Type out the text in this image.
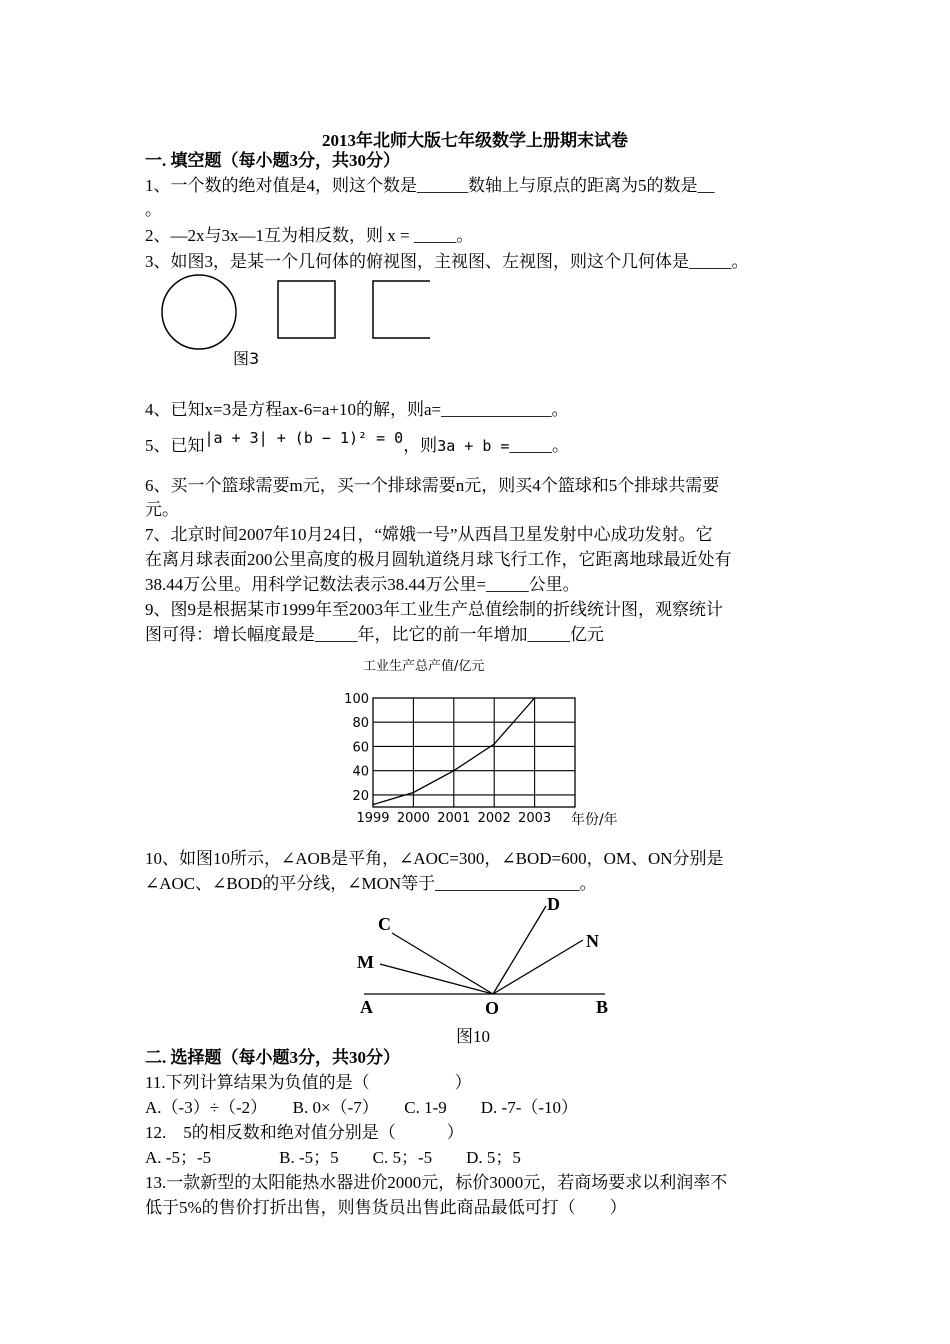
2013年北师大版七年级数学上册期末试卷
一. 填空题（每小题3分，共30分）
1、一个数的绝对值是4，则这个数是______数轴上与原点的距离为5的数是__
。
2、—2x与3x—1互为相反数，则 x = _____。
3、如图3，是某一个几何体的俯视图，主视图、左视图，则这个几何体是_____。
图3
4、已知x=3是方程ax-6=a+10的解，则a=_____________。
5、已知|a + 3| + (b − 1)² = 0，则3a + b =_____。
6、买一个篮球需要m元，买一个排球需要n元，则买4个篮球和5个排球共需要
元。
7、北京时间2007年10月24日，“嫦娥一号”从西昌卫星发射中心成功发射。它
在离月球表面200公里高度的极月圆轨道绕月球飞行工作，它距离地球最近处有
38.44万公里。用科学记数法表示38.44万公里=_____公里。
9、图9是根据某市1999年至2003年工业生产总值绘制的折线统计图，观察统计
图可得：增长幅度最是_____年，比它的前一年增加_____亿元
20
40
60
80
100
1999 2000 2001 2002 2003
工业生产总产值/亿元
年份/年
10、如图10所示，∠AOB是平角，∠AOC=300，∠BOD=600，OM、ON分别是
∠AOC、∠BOD的平分线，∠MON等于_________________。
A	O	B
C
D
M
N
图10
二. 选择题（每小题3分，共30分）
11.下列计算结果为负值的是（　　　　　）
A.（-3）÷（-2）　　B. 0×（-7）　　C. 1-9　　D. -7-（-10）
12.　5的相反数和绝对值分别是（　　　）
A. -5；-5　　　　B. -5；5　　C. 5；-5　　D. 5；5
13.一款新型的太阳能热水器进价2000元，标价3000元，若商场要求以利润率不
低于5%的售价打折出售，则售货员出售此商品最低可打（　　）
